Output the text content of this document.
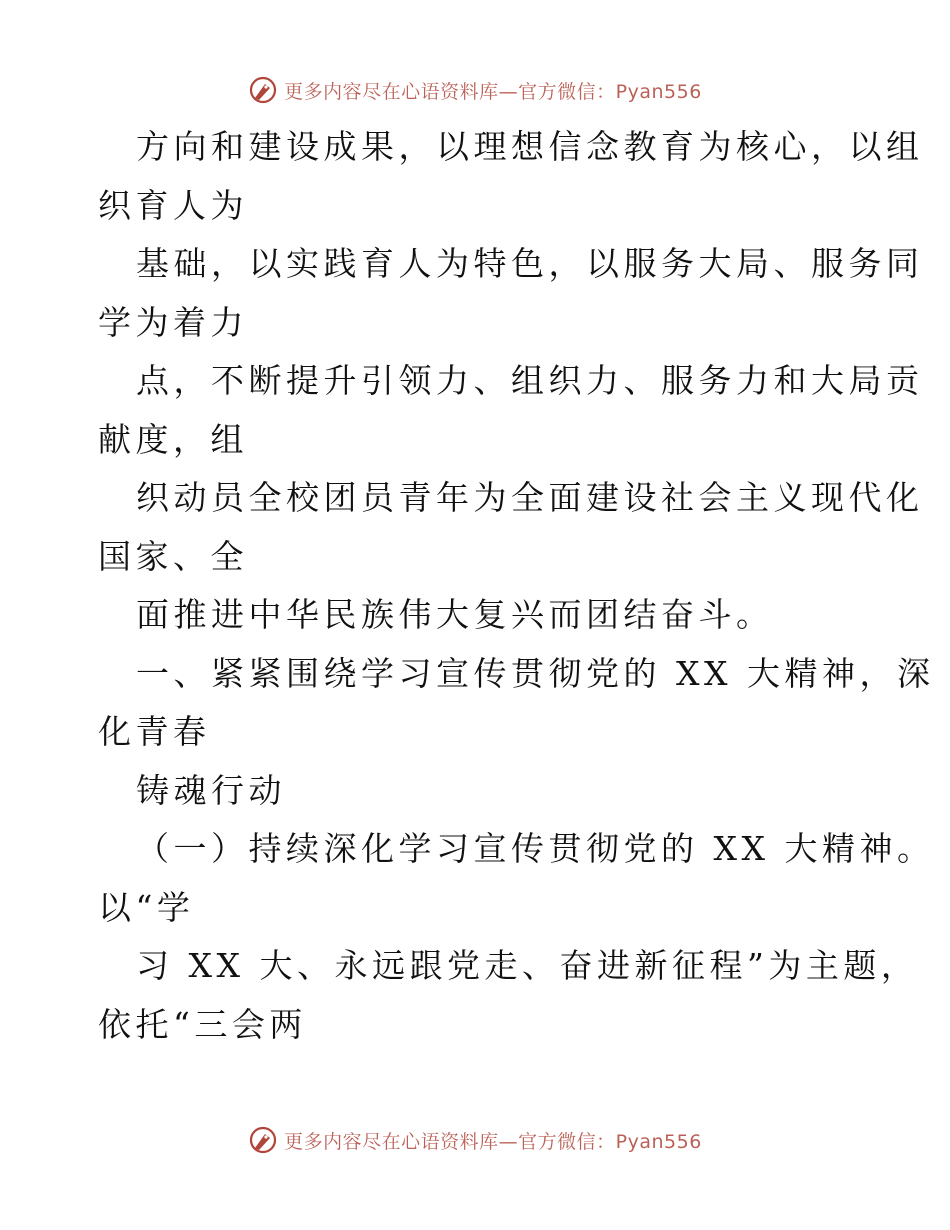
更多内容尽在心语资料库—官方微信：Pyan556
方向和建设成果，以理想信念教育为核心，以组
织育人为
基础，以实践育人为特色，以服务大局、服务同
学为着力
点，不断提升引领力、组织力、服务力和大局贡
献度，组
织动员全校团员青年为全面建设社会主义现代化
国家、全
面推进中华民族伟大复兴而团结奋斗。
一、紧紧围绕学习宣传贯彻党的 XX 大精神，深
化青春
铸魂行动
（一）持续深化学习宣传贯彻党的 XX 大精神。
以“学
习 XX 大、永远跟党走、奋进新征程”为主题，
依托“三会两
更多内容尽在心语资料库—官方微信：Pyan556
